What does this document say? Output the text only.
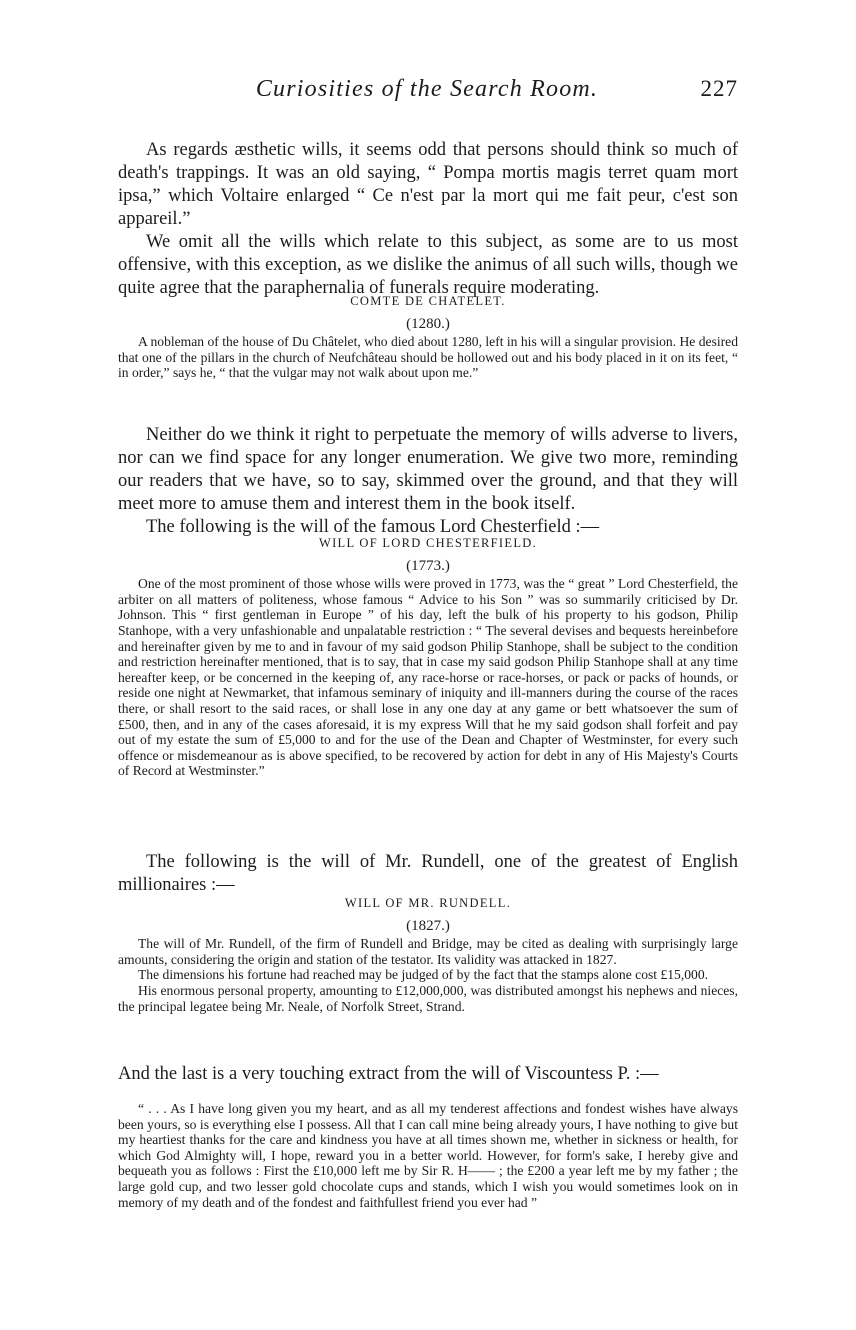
Curiosities of the Search Room.	227

As regards æsthetic wills, it seems odd that persons should think so much of death's trappings. It was an old saying, “ Pompa mortis magis terret quam mort ipsa,” which Voltaire enlarged “ Ce n'est par la mort qui me fait peur, c'est son appareil.”

We omit all the wills which relate to this subject, as some are to us most offensive, with this exception, as we dislike the animus of all such wills, though we quite agree that the paraphernalia of funerals require moderating.

COMTE DE CHATELET.
(1280.)

A nobleman of the house of Du Châtelet, who died about 1280, left in his will a singular provision. He desired that one of the pillars in the church of Neufchâteau should be hollowed out and his body placed in it on its feet, “ in order,” says he, “ that the vulgar may not walk about upon me.”

Neither do we think it right to perpetuate the memory of wills adverse to livers, nor can we find space for any longer enumeration. We give two more, reminding our readers that we have, so to say, skimmed over the ground, and that they will meet more to amuse them and interest them in the book itself.

The following is the will of the famous Lord Chesterfield :—

WILL OF LORD CHESTERFIELD.
(1773.)

One of the most prominent of those whose wills were proved in 1773, was the “ great ” Lord Chesterfield, the arbiter on all matters of politeness, whose famous “ Advice to his Son ” was so summarily criticised by Dr. Johnson. This “ first gentleman in Europe ” of his day, left the bulk of his property to his godson, Philip Stanhope, with a very unfashionable and unpalatable restriction : “ The several devises and bequests hereinbefore and hereinafter given by me to and in favour of my said godson Philip Stanhope, shall be subject to the condition and restriction hereinafter mentioned, that is to say, that in case my said godson Philip Stanhope shall at any time hereafter keep, or be concerned in the keeping of, any race-horse or race-horses, or pack or packs of hounds, or reside one night at Newmarket, that infamous seminary of iniquity and ill-manners during the course of the races there, or shall resort to the said races, or shall lose in any one day at any game or bett whatsoever the sum of £500, then, and in any of the cases aforesaid, it is my express Will that he my said godson shall forfeit and pay out of my estate the sum of £5,000 to and for the use of the Dean and Chapter of Westminster, for every such offence or misdemeanour as is above specified, to be recovered by action for debt in any of His Majesty's Courts of Record at Westminster.”

The following is the will of Mr. Rundell, one of the greatest of English millionaires :—

WILL OF MR. RUNDELL.
(1827.)

The will of Mr. Rundell, of the firm of Rundell and Bridge, may be cited as dealing with surprisingly large amounts, considering the origin and station of the testator. Its validity was attacked in 1827.

The dimensions his fortune had reached may be judged of by the fact that the stamps alone cost £15,000.

His enormous personal property, amounting to £12,000,000, was distributed amongst his nephews and nieces, the principal legatee being Mr. Neale, of Norfolk Street, Strand.

And the last is a very touching extract from the will of Viscountess P. :—

“ . . . As I have long given you my heart, and as all my tenderest affections and fondest wishes have always been yours, so is everything else I possess. All that I can call mine being already yours, I have nothing to give but my heartiest thanks for the care and kindness you have at all times shown me, whether in sickness or health, for which God Almighty will, I hope, reward you in a better world. However, for form's sake, I hereby give and bequeath you as follows : First the £10,000 left me by Sir R. H—— ; the £200 a year left me by my father ; the large gold cup, and two lesser gold chocolate cups and stands, which I wish you would sometimes look on in memory of my death and of the fondest and faithfullest friend you ever had ”
